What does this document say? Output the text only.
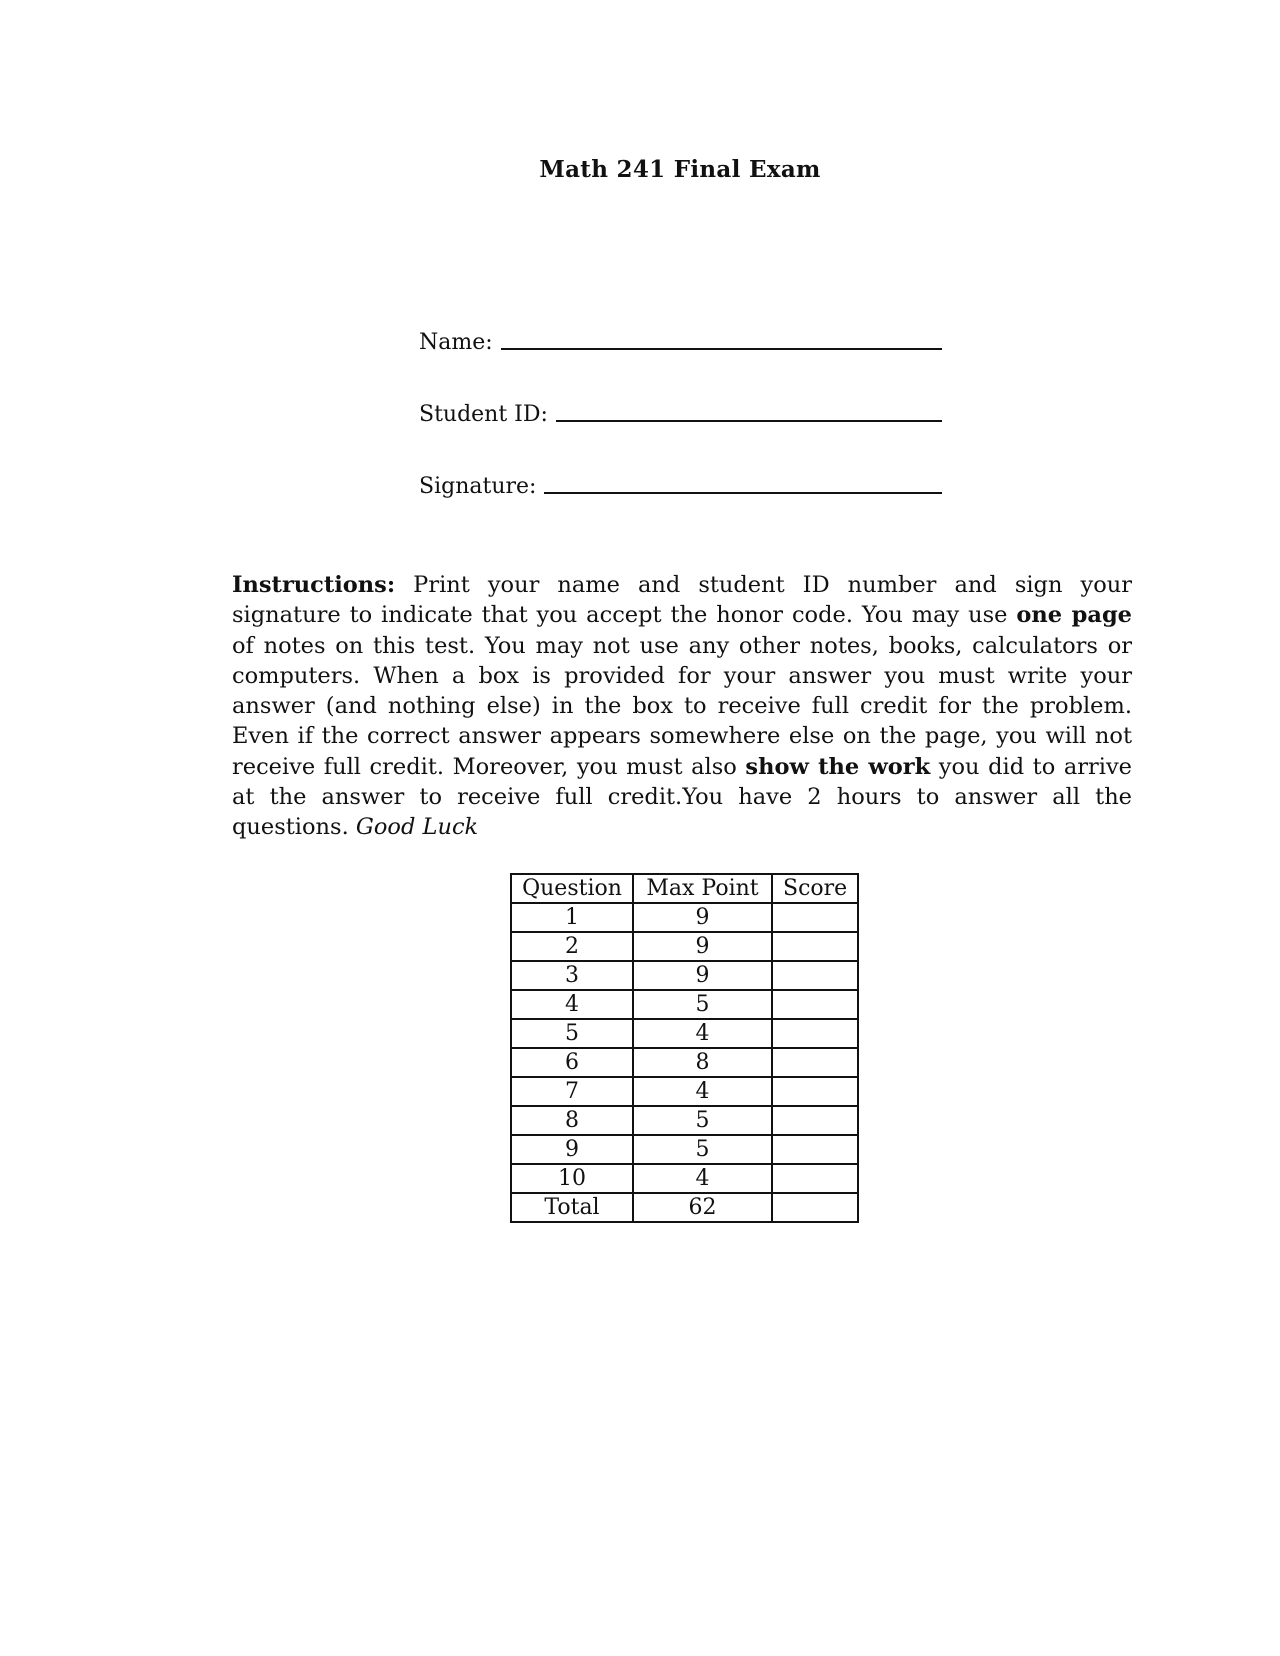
Math 241 Final Exam
Name:
Student ID:
Signature:
Instructions: Print your name and student ID number and sign your signature to indicate that you accept the honor code. You may use one page of notes on this test. You may not use any other notes, books, calculators or computers. When a box is provided for your answer you must write your answer (and nothing else) in the box to receive full credit for the problem. Even if the correct answer appears somewhere else on the page, you will not receive full credit. Moreover, you must also show the work you did to arrive at the answer to receive full credit.You have 2 hours to answer all the questions. Good Luck
Question	Max Point	Score
1	9	
2	9	
3	9	
4	5	
5	4	
6	8	
7	4	
8	5	
9	5	
10	4	
Total	62	
